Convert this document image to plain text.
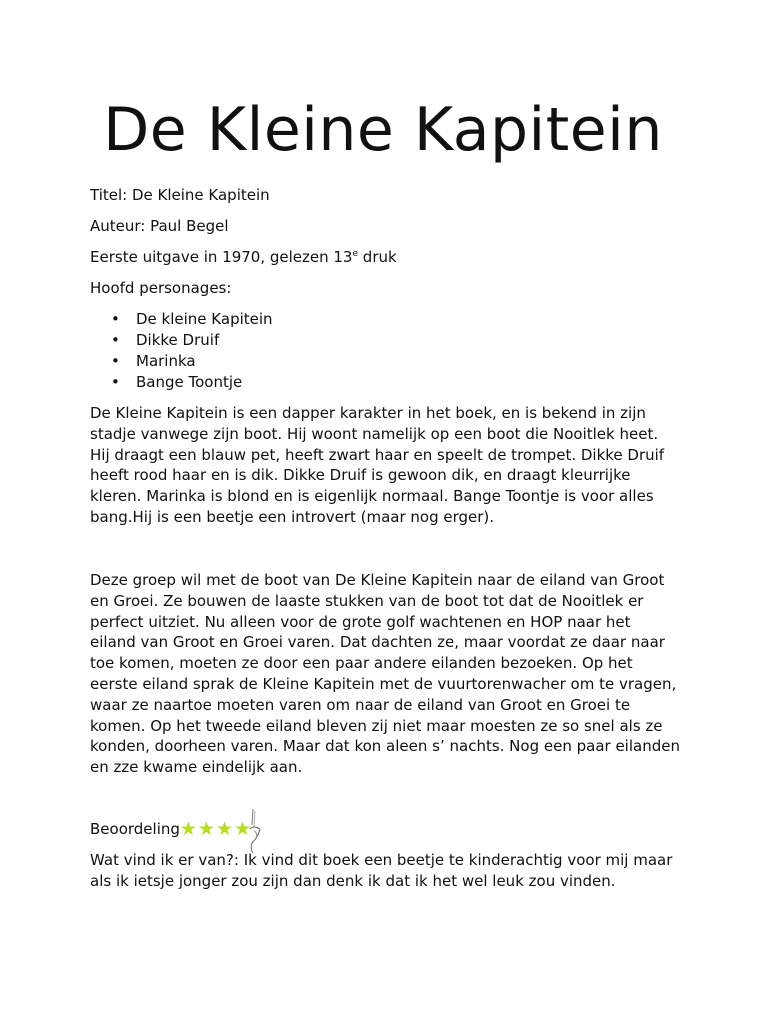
De Kleine Kapitein

Titel: De Kleine Kapitein

Auteur: Paul Begel

Eerste uitgave in 1970, gelezen 13e druk

Hoofd personages:

• De kleine Kapitein
• Dikke Druif
• Marinka
• Bange Toontje

De Kleine Kapitein is een dapper karakter in het boek, en is bekend in zijn stadje vanwege zijn boot. Hij woont namelijk op een boot die Nooitlek heet. Hij draagt een blauw pet, heeft zwart haar en speelt de trompet. Dikke Druif heeft rood haar en is dik. Dikke Druif is gewoon dik, en draagt kleurrijke kleren. Marinka is blond en is eigenlijk normaal. Bange Toontje is voor alles bang.Hij is een beetje een introvert (maar nog erger).

Deze groep wil met de boot van De Kleine Kapitein naar de eiland van Groot en Groei. Ze bouwen de laaste stukken van de boot tot dat de Nooitlek er perfect uitziet. Nu alleen voor de grote golf wachtenen en HOP naar het eiland van Groot en Groei varen. Dat dachten ze, maar voordat ze daar naar toe komen, moeten ze door een paar andere eilanden bezoeken. Op het eerste eiland sprak de Kleine Kapitein met de vuurtorenwacher om te vragen, waar ze naartoe moeten varen om naar de eiland van Groot en Groei te komen. Op het tweede eiland bleven zij niet maar moesten ze so snel als ze konden, doorheen varen. Maar dat kon aleen s’ nachts. Nog een paar eilanden en zze kwame eindelijk aan.

Beoordeling★★★★

Wat vind ik er van?: Ik vind dit boek een beetje te kinderachtig voor mij maar als ik ietsje jonger zou zijn dan denk ik dat ik het wel leuk zou vinden.
